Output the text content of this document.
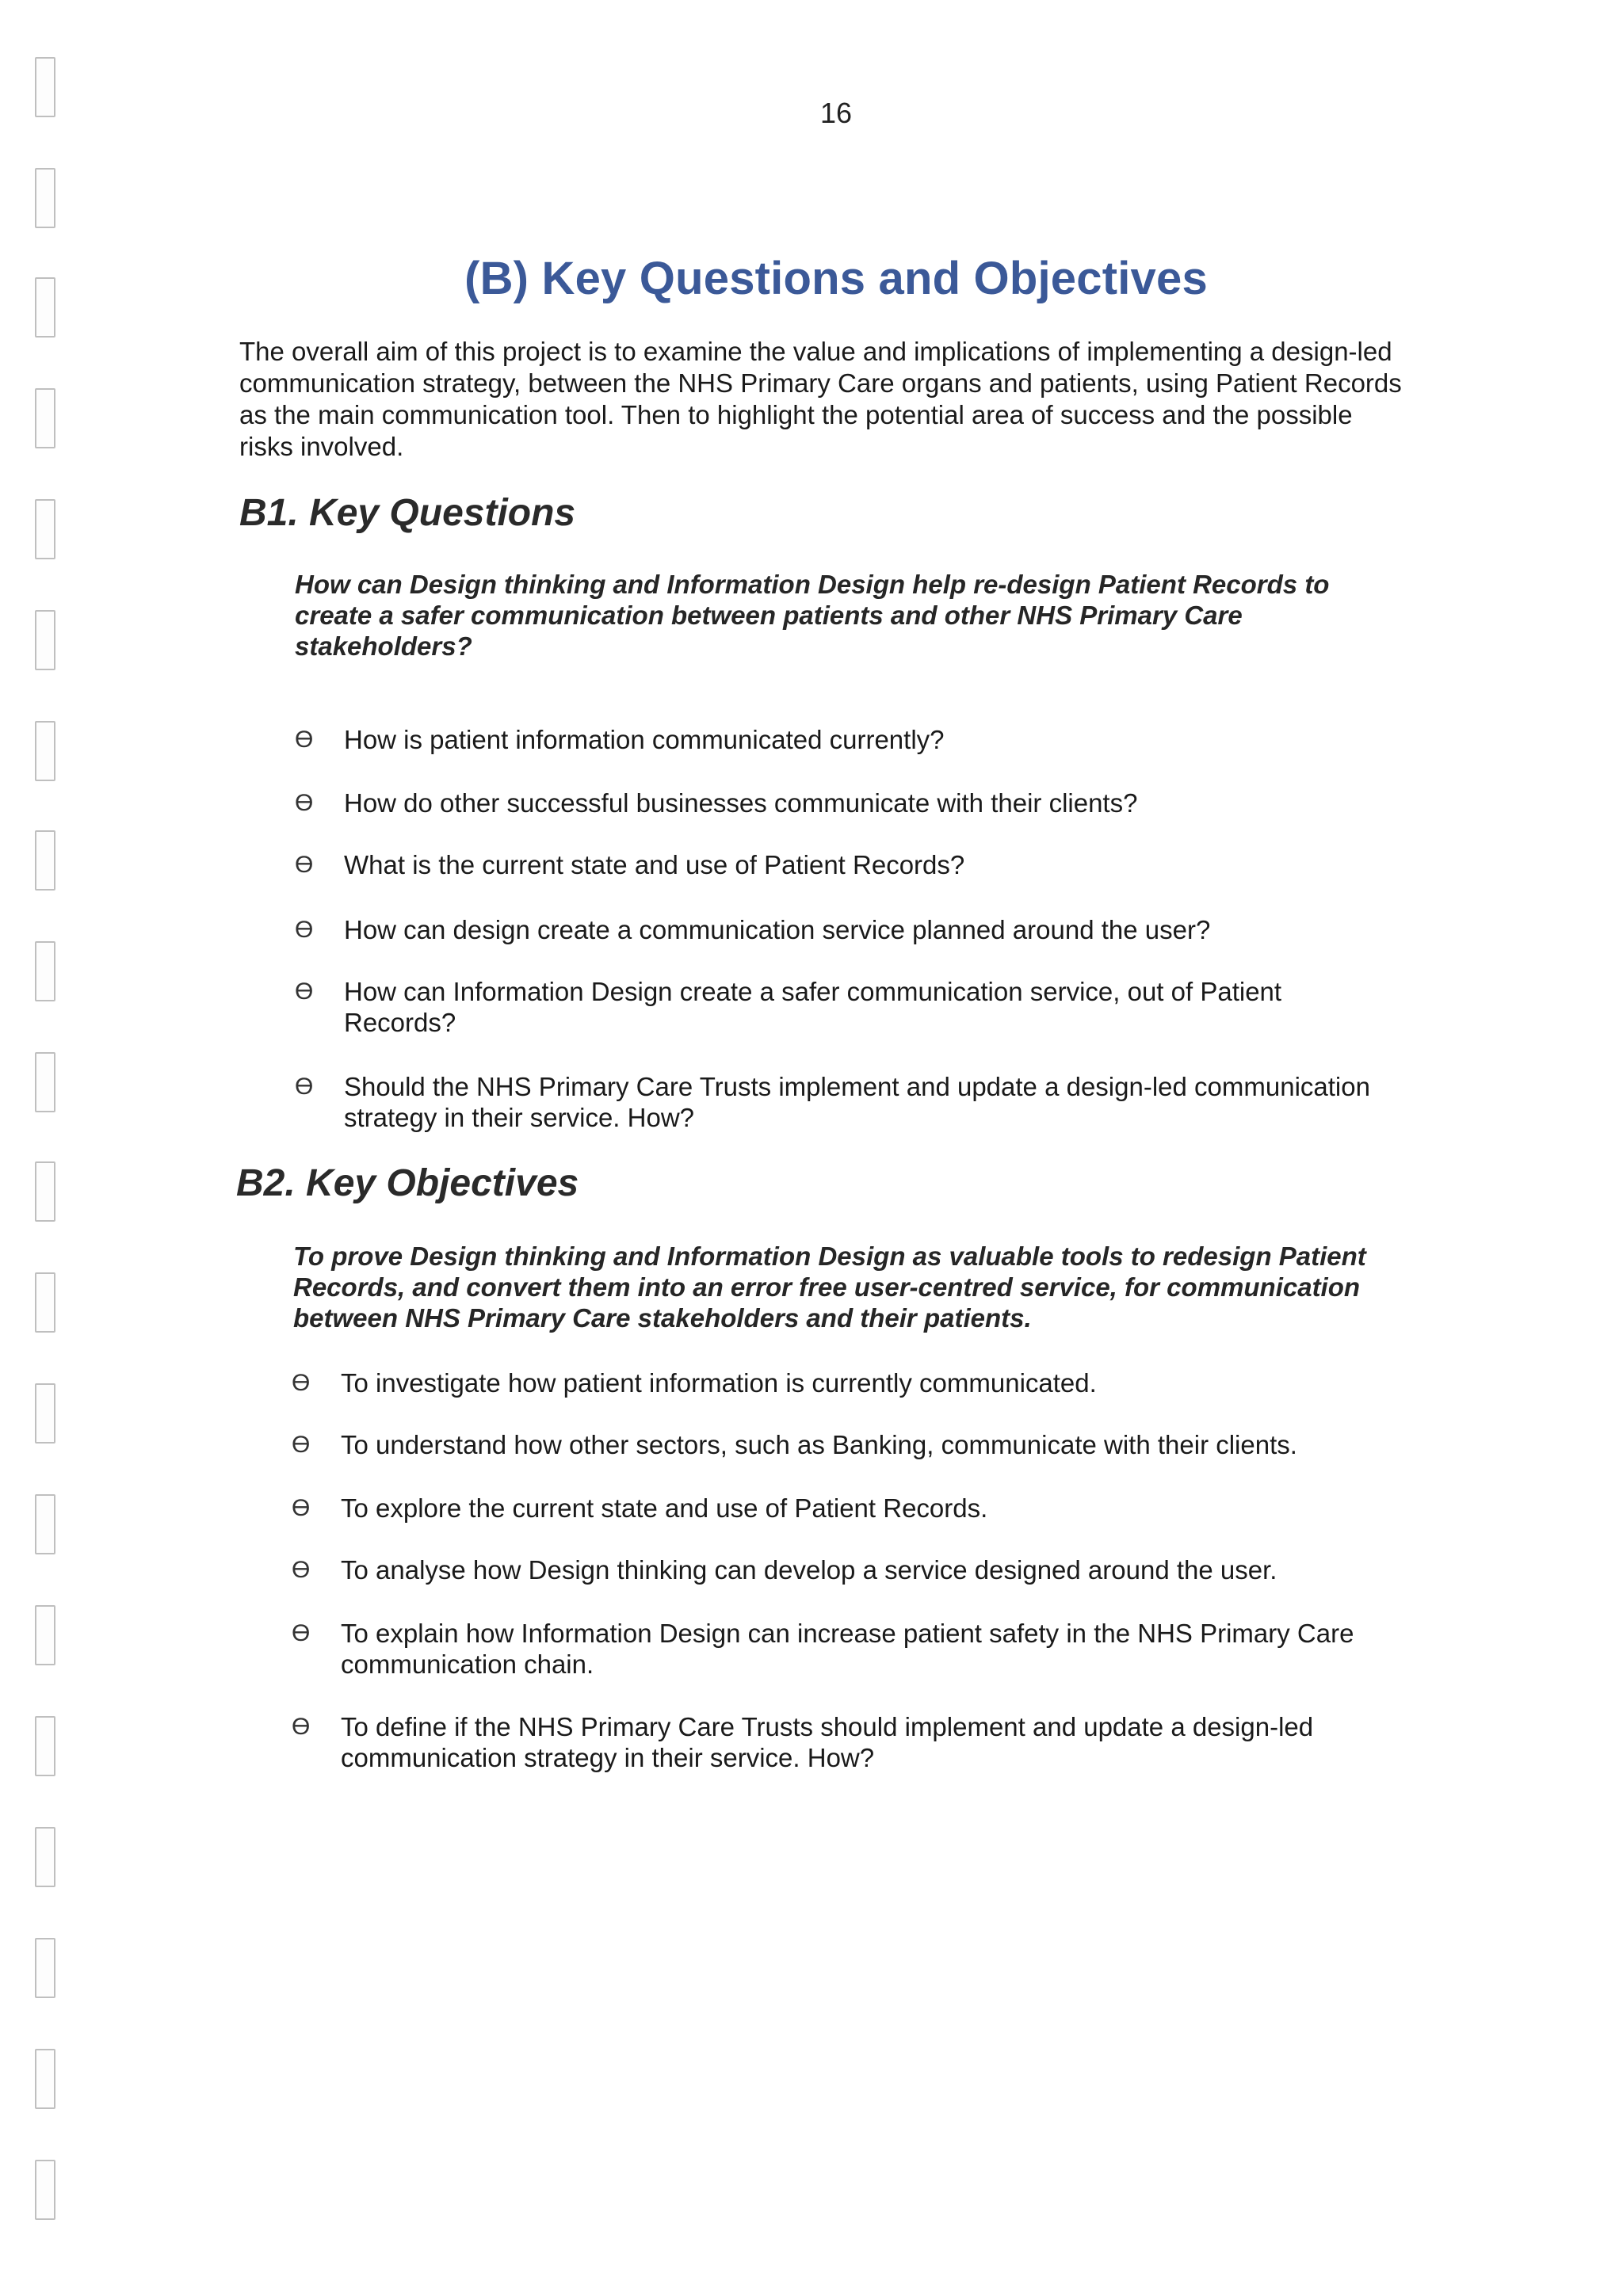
16
(B) Key Questions and Objectives

The overall aim of this project is to examine the value and implications of implementing a design-led communication strategy, between the NHS Primary Care organs and patients, using Patient Records as the main communication tool. Then to highlight the potential area of success and the possible risks involved.

B1. Key Questions

How can Design thinking and Information Design help re-design Patient Records to create a safer communication between patients and other NHS Primary Care stakeholders?

ϴ	How is patient information communicated currently?
ϴ	How do other successful businesses communicate with their clients?
ϴ	What is the current state and use of Patient Records?
ϴ	How can design create a communication service planned around the user?
ϴ	How can Information Design create a safer communication service, out of Patient Records?
ϴ	Should the NHS Primary Care Trusts implement and update a design-led communication strategy in their service. How?
B2. Key Objectives

To prove Design thinking and Information Design as valuable tools to redesign Patient Records, and convert them into an error free user-centred service, for communication between NHS Primary Care stakeholders and their patients.

ϴ	To investigate how patient information is currently communicated.
ϴ	To understand how other sectors, such as Banking, communicate with their clients.
ϴ	To explore the current state and use of Patient Records.
ϴ	To analyse how Design thinking can develop a service designed around the user.
ϴ	To explain how Information Design can increase patient safety in the NHS Primary Care communication chain.
ϴ	To define if the NHS Primary Care Trusts should implement and update a design-led communication strategy in their service. How?
